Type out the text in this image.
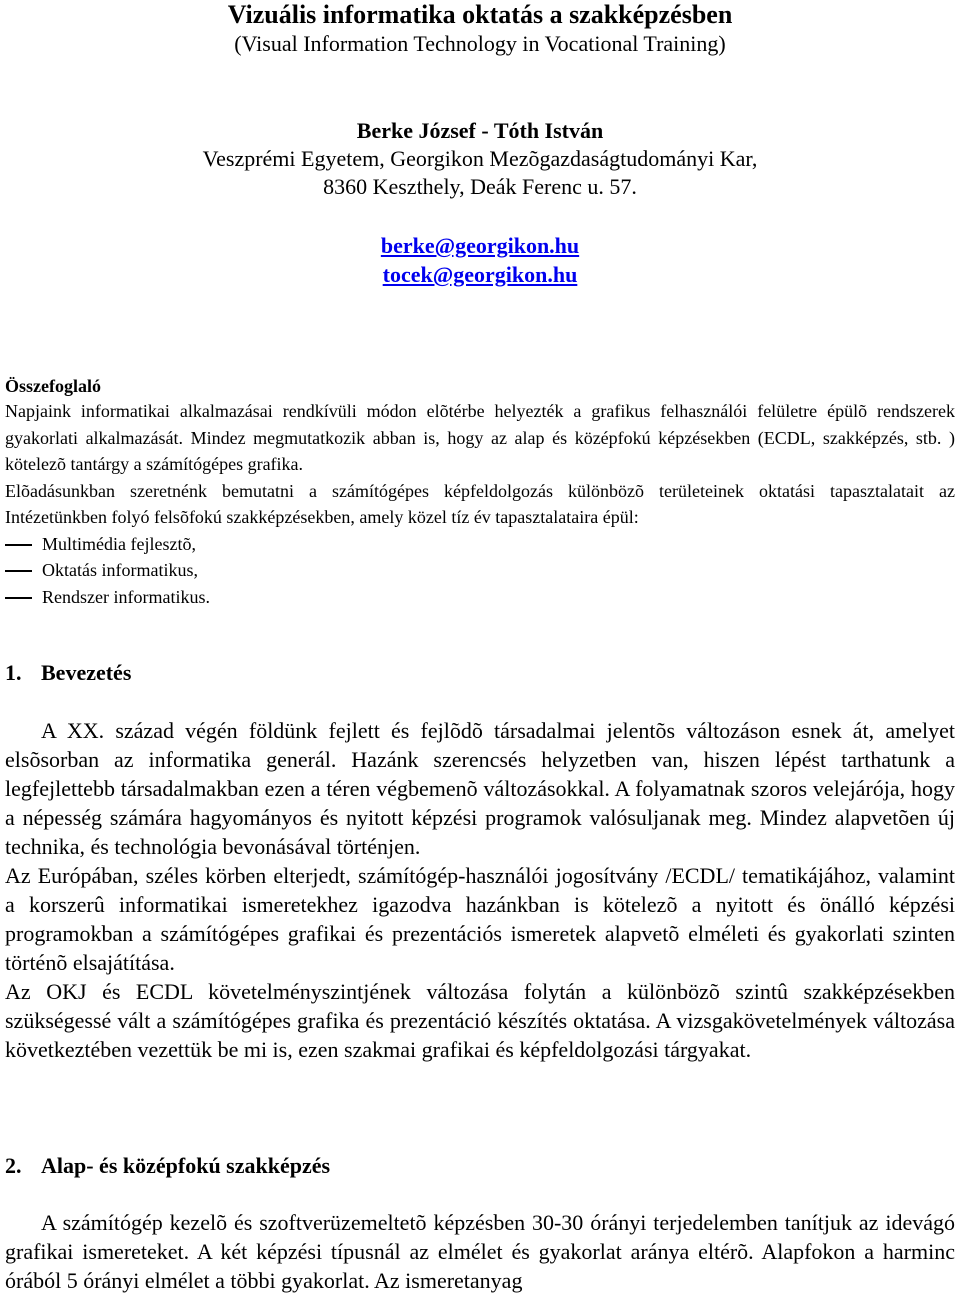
Vizuális informatika oktatás a szakképzésben
(Visual Information Technology in Vocational Training)
Berke József - Tóth István
Veszprémi Egyetem, Georgikon Mezõgazdaságtudományi Kar,
8360 Keszthely, Deák Ferenc u. 57.
berke@georgikon.hu
tocek@georgikon.hu
Összefoglaló

Napjaink informatikai alkalmazásai rendkívüli módon elõtérbe helyezték a grafikus felhasználói felületre épülõ rendszerek gyakorlati alkalmazását. Mindez megmutatkozik abban is, hogy az alap és középfokú képzésekben (ECDL, szakképzés, stb. ) kötelezõ tantárgy a számítógépes grafika.

Elõadásunkban szeretnénk bemutatni a számítógépes képfeldolgozás különbözõ területeinek oktatási tapasztalatait az Intézetünkben folyó felsõfokú szakképzésekben, amely közel tíz év tapasztalataira épül:

Multimédia fejlesztõ,
Oktatás informatikus,
Rendszer informatikus.
1. Bevezetés

A XX. század végén földünk fejlett és fejlõdõ társadalmai jelentõs változáson esnek át, amelyet elsõsorban az informatika generál. Hazánk szerencsés helyzetben van, hiszen lépést tarthatunk a legfejlettebb társadalmakban ezen a téren végbemenõ változásokkal. A folyamatnak szoros velejárója, hogy a népesség számára hagyományos és nyitott képzési programok valósuljanak meg. Mindez alapvetõen új technika, és technológia bevonásával történjen.

Az Európában, széles körben elterjedt, számítógép-használói jogosítvány /ECDL/ tematikájához, valamint a korszerû informatikai ismeretekhez igazodva hazánkban is kötelezõ a nyitott és önálló képzési programokban a számítógépes grafikai és prezentációs ismeretek alapvetõ elméleti és gyakorlati szinten történõ elsajátítása.

Az OKJ és ECDL követelményszintjének változása folytán a különbözõ szintû szakképzésekben szükségessé vált a számítógépes grafika és prezentáció készítés oktatása. A vizsgakövetelmények változása következtében vezettük be mi is, ezen szakmai grafikai és képfeldolgozási tárgyakat.

2. Alap- és középfokú szakképzés

A számítógép kezelõ és szoftverüzemeltetõ képzésben 30-30 órányi terjedelemben tanítjuk az idevágó grafikai ismereteket. A két képzési típusnál az elmélet és gyakorlat aránya eltérõ. Alapfokon a harminc órából 5 órányi elmélet a többi gyakorlat. Az ismeretanyag
